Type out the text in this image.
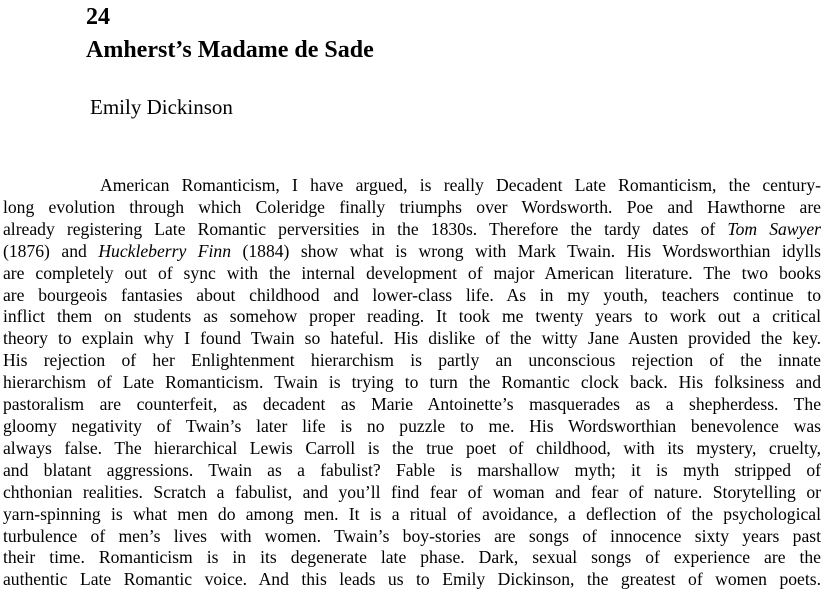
24
Amherst’s Madame de Sade
Emily Dickinson
American Romanticism, I have argued, is really Decadent Late Romanticism, the century-
long evolution through which Coleridge finally triumphs over Wordsworth. Poe and Hawthorne are
already registering Late Romantic perversities in the 1830s. Therefore the tardy dates of Tom Sawyer
(1876) and Huckleberry Finn (1884) show what is wrong with Mark Twain. His Wordsworthian idylls
are completely out of sync with the internal development of major American literature. The two books
are bourgeois fantasies about childhood and lower-class life. As in my youth, teachers continue to
inflict them on students as somehow proper reading. It took me twenty years to work out a critical
theory to explain why I found Twain so hateful. His dislike of the witty Jane Austen provided the key.
His rejection of her Enlightenment hierarchism is partly an unconscious rejection of the innate
hierarchism of Late Romanticism. Twain is trying to turn the Romantic clock back. His folksiness and
pastoralism are counterfeit, as decadent as Marie Antoinette’s masquerades as a shepherdess. The
gloomy negativity of Twain’s later life is no puzzle to me. His Wordsworthian benevolence was
always false. The hierarchical Lewis Carroll is the true poet of childhood, with its mystery, cruelty,
and blatant aggressions. Twain as a fabulist? Fable is marshallow myth; it is myth stripped of
chthonian realities. Scratch a fabulist, and you’ll find fear of woman and fear of nature. Storytelling or
yarn-spinning is what men do among men. It is a ritual of avoidance, a deflection of the psychological
turbulence of men’s lives with women. Twain’s boy-stories are songs of innocence sixty years past
their time. Romanticism is in its degenerate late phase. Dark, sexual songs of experience are the
authentic Late Romantic voice. And this leads us to Emily Dickinson, the greatest of women poets.
